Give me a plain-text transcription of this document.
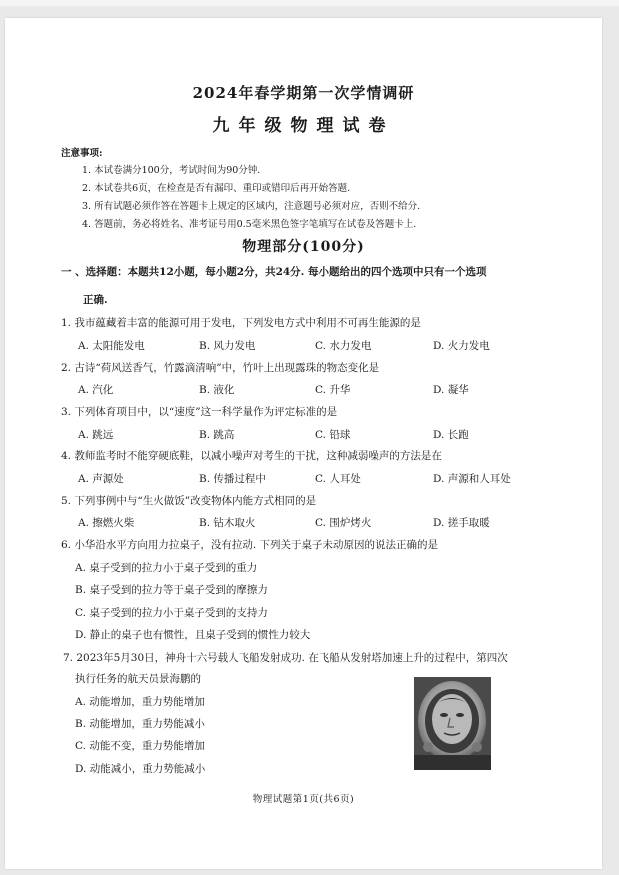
2024年春学期第一次学情调研
九年级物理试卷
注意事项:
1. 本试卷满分100分，考试时间为90分钟.
2. 本试卷共6页，在检查是否有漏印、重印或错印后再开始答题.
3. 所有试题必须作答在答题卡上规定的区域内，注意题号必须对应，否则不给分.
4. 答题前，务必将姓名、准考证号用0.5毫米黑色签字笔填写在试卷及答题卡上.
物理部分(100分)
一 、选择题：本题共12小题，每小题2分，共24分. 每小题给出的四个选项中只有一个选项
正确.
1. 我市蕴藏着丰富的能源可用于发电，下列发电方式中利用不可再生能源的是
A. 太阳能发电	B. 风力发电	C. 水力发电	D. 火力发电
2. 古诗“荷风送香气，竹露滴清响”中，竹叶上出现露珠的物态变化是
A. 汽化	B. 液化	C. 升华	D. 凝华
3. 下列体育项目中，以“速度”这一科学量作为评定标准的是
A. 跳远	B. 跳高	C. 铅球	D. 长跑
4. 教师监考时不能穿硬底鞋，以减小噪声对考生的干扰，这种减弱噪声的方法是在
A. 声源处	B. 传播过程中	C. 人耳处	D. 声源和人耳处
5. 下列事例中与“生火做饭”改变物体内能方式相同的是
A. 擦燃火柴	B. 钻木取火	C. 围炉烤火	D. 搓手取暖
6. 小华沿水平方向用力拉桌子，没有拉动. 下列关于桌子未动原因的说法正确的是
A. 桌子受到的拉力小于桌子受到的重力
B. 桌子受到的拉力等于桌子受到的摩擦力
C. 桌子受到的拉力小于桌子受到的支持力
D. 静止的桌子也有惯性，且桌子受到的惯性力较大
7. 2023年5月30日，神舟十六号载人飞船发射成功. 在飞船从发射塔加速上升的过程中，第四次
执行任务的航天员景海鹏的
A. 动能增加，重力势能增加
B. 动能增加，重力势能减小
C. 动能不变，重力势能增加
D. 动能减小，重力势能减小
物理试题第1页(共6页)
